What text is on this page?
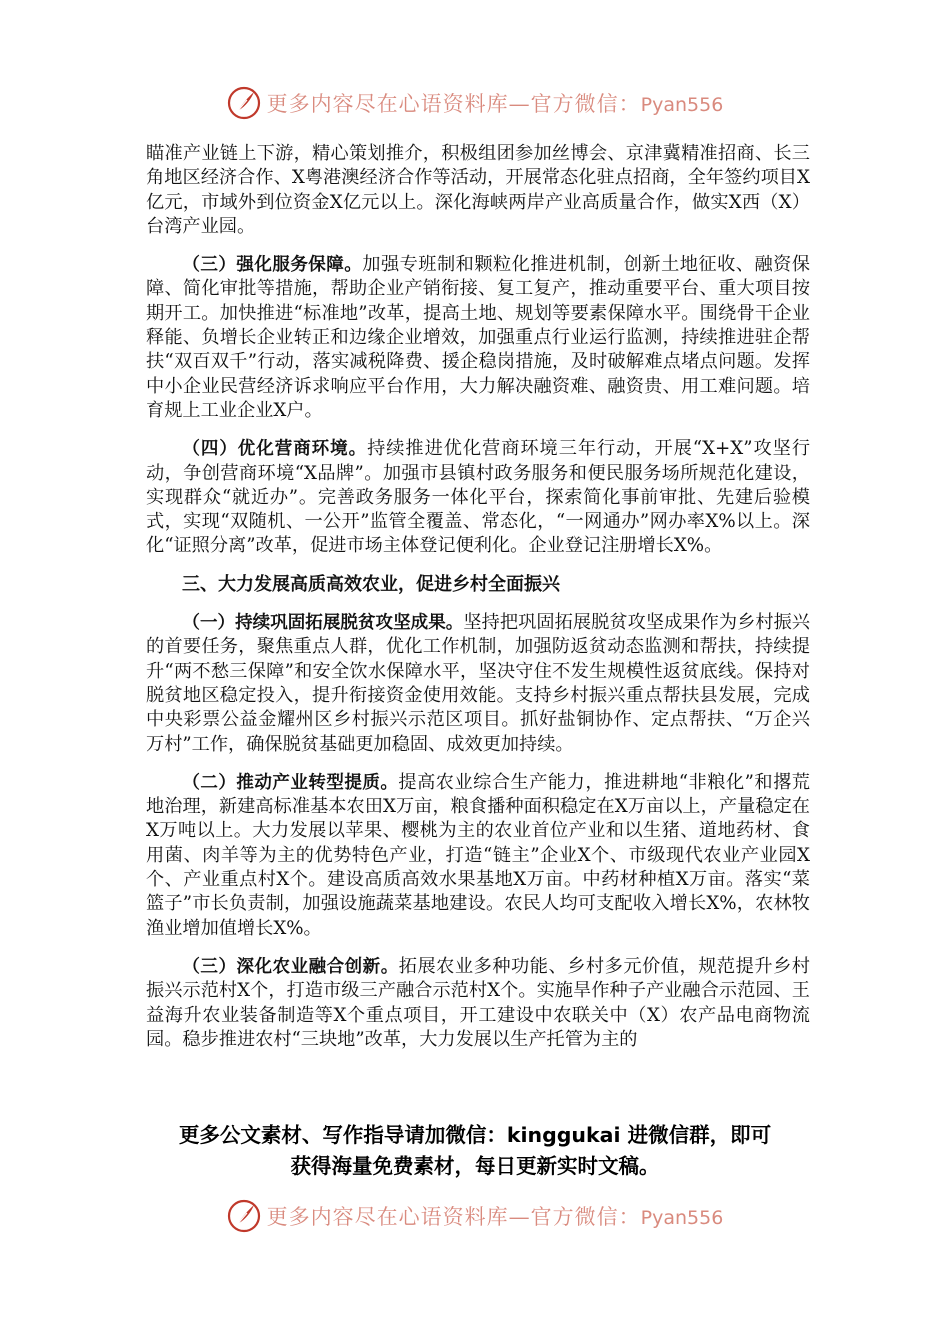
更多内容尽在心语资料库—官方微信：Pyan556

瞄准产业链上下游，精心策划推介，积极组团参加丝博会、京津冀精准招商、长三角地区经济合作、X粤港澳经济合作等活动，开展常态化驻点招商，全年签约项目X亿元，市域外到位资金X亿元以上。深化海峡两岸产业高质量合作，做实X西（X）台湾产业园。

（三）强化服务保障。加强专班制和颗粒化推进机制，创新土地征收、融资保障、简化审批等措施，帮助企业产销衔接、复工复产，推动重要平台、重大项目按期开工。加快推进“标准地”改革，提高土地、规划等要素保障水平。围绕骨干企业释能、负增长企业转正和边缘企业增效，加强重点行业运行监测，持续推进驻企帮扶“双百双千”行动，落实减税降费、援企稳岗措施，及时破解难点堵点问题。发挥中小企业民营经济诉求响应平台作用，大力解决融资难、融资贵、用工难问题。培育规上工业企业X户。

（四）优化营商环境。持续推进优化营商环境三年行动，开展“X+X”攻坚行动，争创营商环境“X品牌”。加强市县镇村政务服务和便民服务场所规范化建设，实现群众“就近办”。完善政务服务一体化平台，探索简化事前审批、先建后验模式，实现“双随机、一公开”监管全覆盖、常态化，“一网通办”网办率X%以上。深化“证照分离”改革，促进市场主体登记便利化。企业登记注册增长X%。

三、大力发展高质高效农业，促进乡村全面振兴

（一）持续巩固拓展脱贫攻坚成果。坚持把巩固拓展脱贫攻坚成果作为乡村振兴的首要任务，聚焦重点人群，优化工作机制，加强防返贫动态监测和帮扶，持续提升“两不愁三保障”和安全饮水保障水平，坚决守住不发生规模性返贫底线。保持对脱贫地区稳定投入，提升衔接资金使用效能。支持乡村振兴重点帮扶县发展，完成中央彩票公益金耀州区乡村振兴示范区项目。抓好盐铜协作、定点帮扶、“万企兴万村”工作，确保脱贫基础更加稳固、成效更加持续。

（二）推动产业转型提质。提高农业综合生产能力，推进耕地“非粮化”和撂荒地治理，新建高标准基本农田X万亩，粮食播种面积稳定在X万亩以上，产量稳定在X万吨以上。大力发展以苹果、樱桃为主的农业首位产业和以生猪、道地药材、食用菌、肉羊等为主的优势特色产业，打造“链主”企业X个、市级现代农业产业园X个、产业重点村X个。建设高质高效水果基地X万亩。中药材种植X万亩。落实“菜篮子”市长负责制，加强设施蔬菜基地建设。农民人均可支配收入增长X%，农林牧渔业增加值增长X%。

（三）深化农业融合创新。拓展农业多种功能、乡村多元价值，规范提升乡村振兴示范村X个，打造市级三产融合示范村X个。实施旱作种子产业融合示范园、王益海升农业装备制造等X个重点项目，开工建设中农联关中（X）农产品电商物流园。稳步推进农村“三块地”改革，大力发展以生产托管为主的

更多公文素材、写作指导请加微信：kinggukai 进微信群，即可
获得海量免费素材，每日更新实时文稿。
更多内容尽在心语资料库—官方微信：Pyan556
